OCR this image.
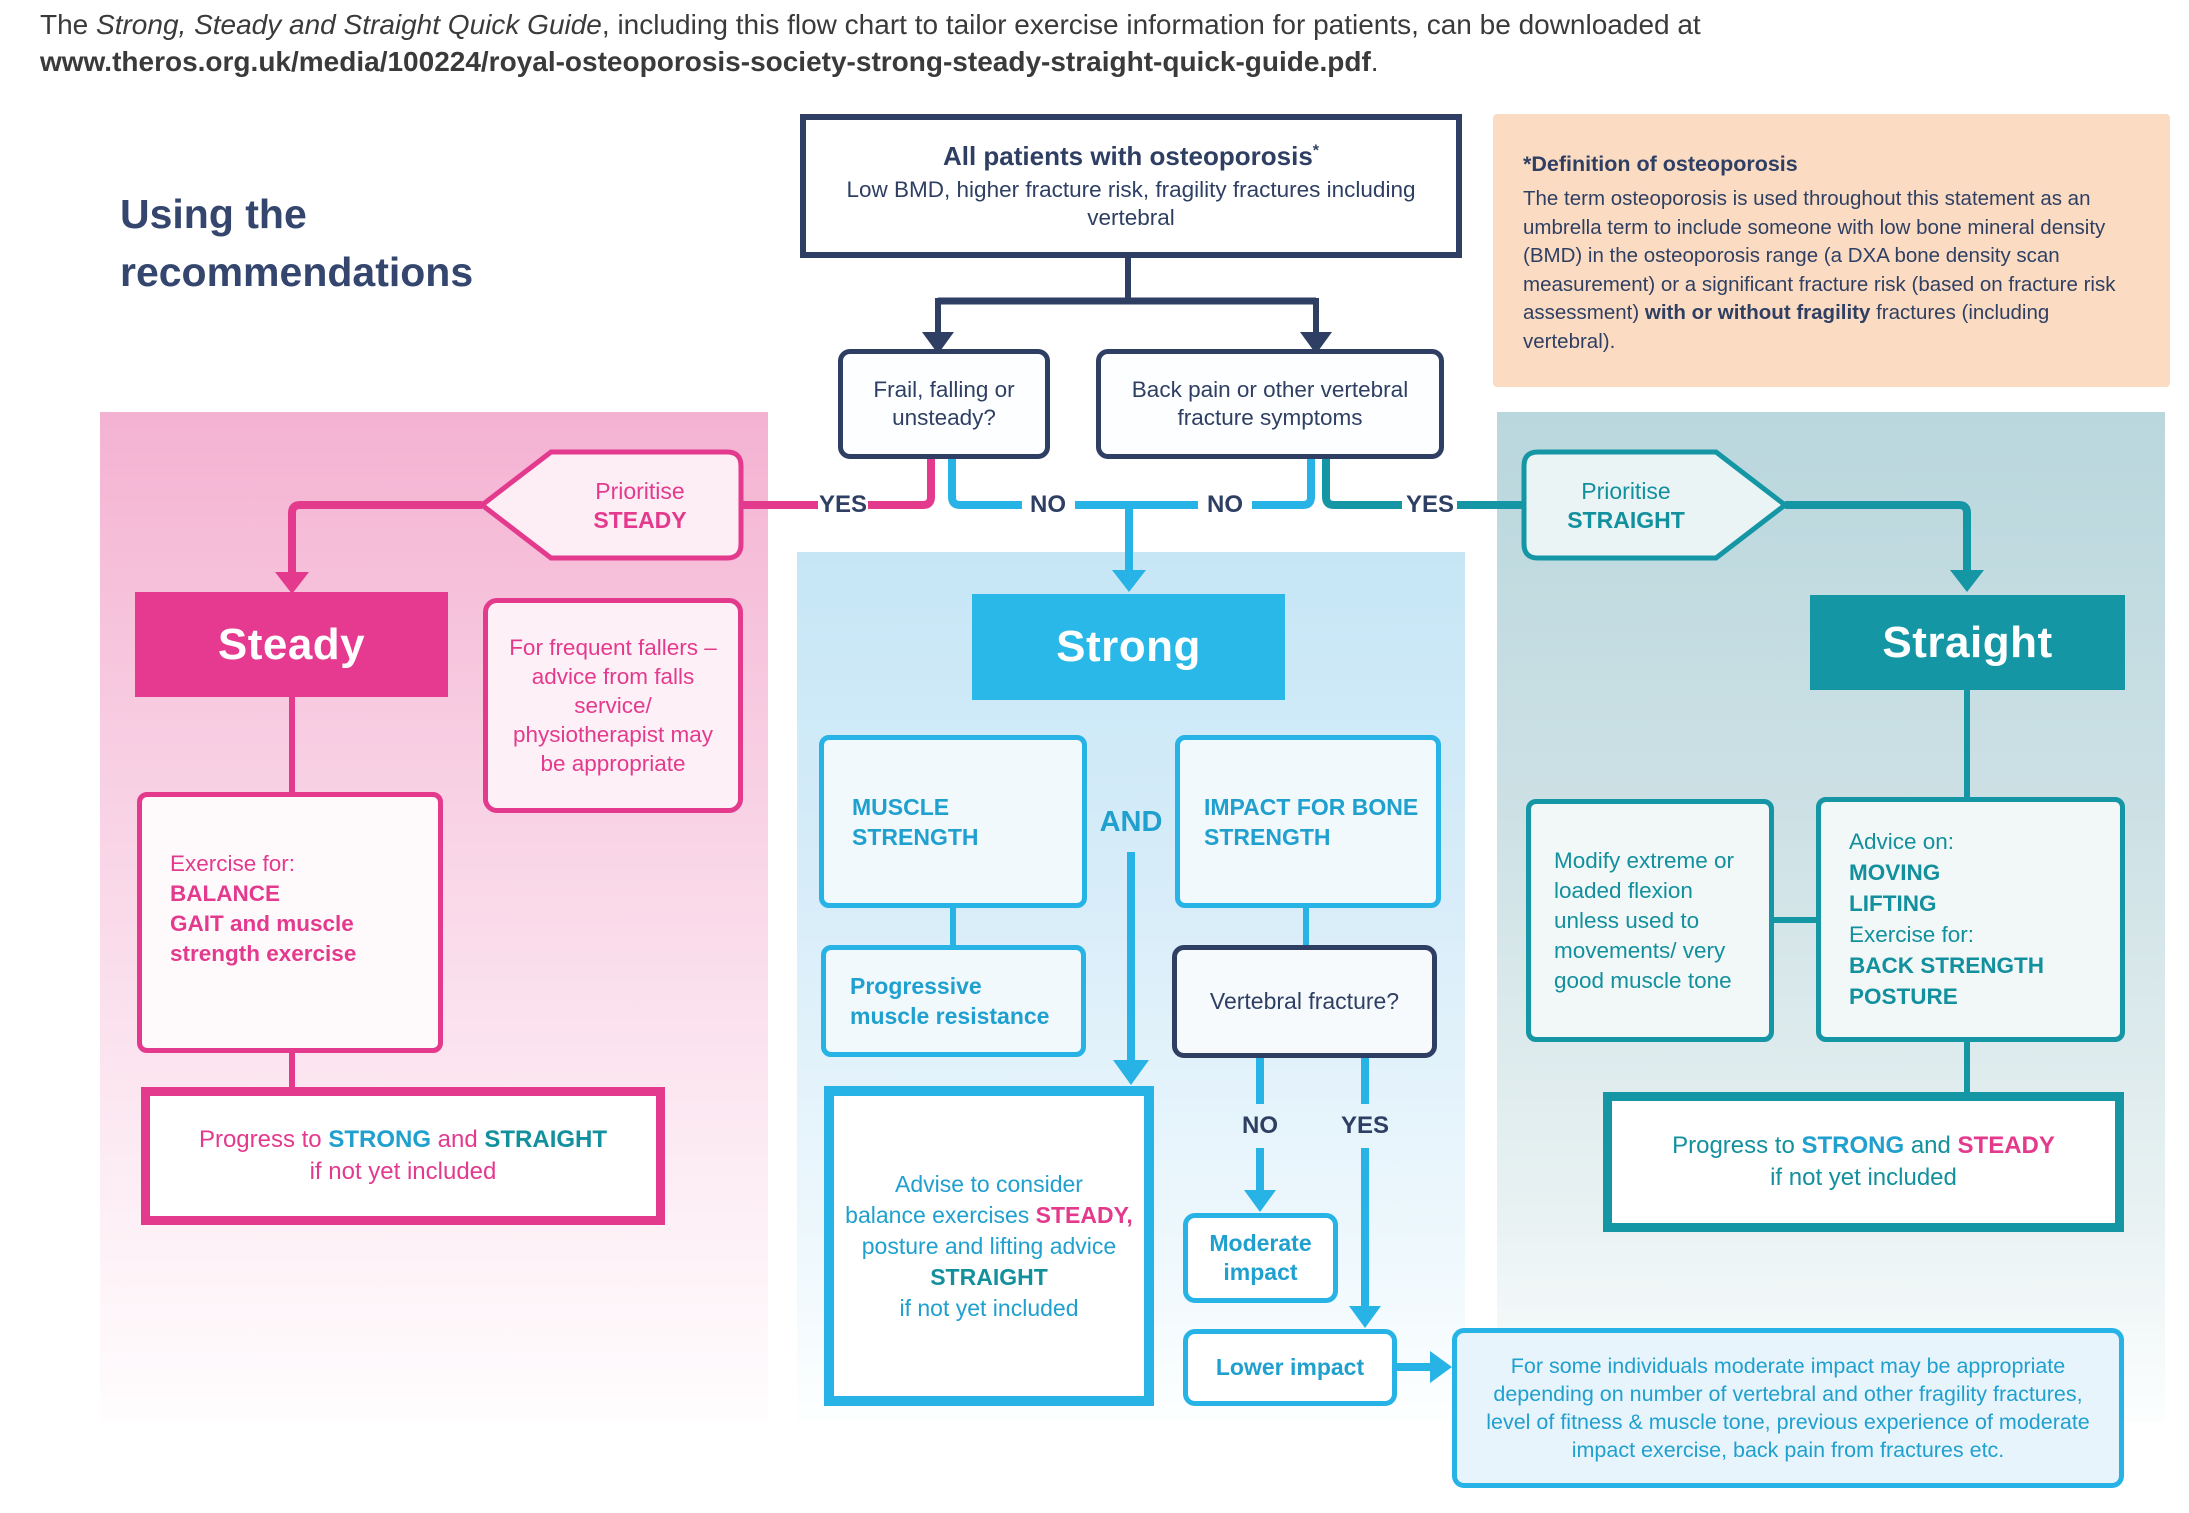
The Strong, Steady and Straight Quick Guide, including this flow chart to tailor exercise information for patients, can be downloaded at
www.theros.org.uk/media/100224/royal-osteoporosis-society-strong-steady-straight-quick-guide.pdf.
Using the
recommendations
All patients with osteoporosis*
Low BMD, higher fracture risk, fragility fractures including vertebral
*Definition of osteoporosis
The term osteoporosis is used throughout this statement as an umbrella term to include someone with low bone mineral density (BMD) in the osteoporosis range (a DXA bone density scan measurement) or a significant fracture risk (based on fracture risk assessment) with or without fragility fractures (including vertebral).
Frail, falling or unsteady?
Back pain or other vertebral fracture symptoms
YES	NO	NO	YES
Prioritise
STEADY
Prioritise
STRAIGHT
Steady	For frequent fallers – advice from falls service/ physiotherapist may be appropriate
Exercise for:
BALANCE
GAIT and muscle strength exercise
Progress to STRONG and STRAIGHT
if not yet included
Strong
MUSCLE STRENGTH	AND	IMPACT FOR BONE STRENGTH
Progressive muscle resistance
Vertebral fracture?
NO	YES
Advise to consider
balance exercises STEADY,
posture and lifting advice
STRAIGHT
if not yet included
Moderate impact
Lower impact	For some individuals moderate impact may be appropriate depending on number of vertebral and other fragility fractures, level of fitness & muscle tone, previous experience of moderate impact exercise, back pain from fractures etc.
Straight
Modify extreme or loaded flexion unless used to movements/ very good muscle tone
Advice on:
MOVING
LIFTING
Exercise for:
BACK STRENGTH
POSTURE
Progress to STRONG and STEADY
if not yet included
